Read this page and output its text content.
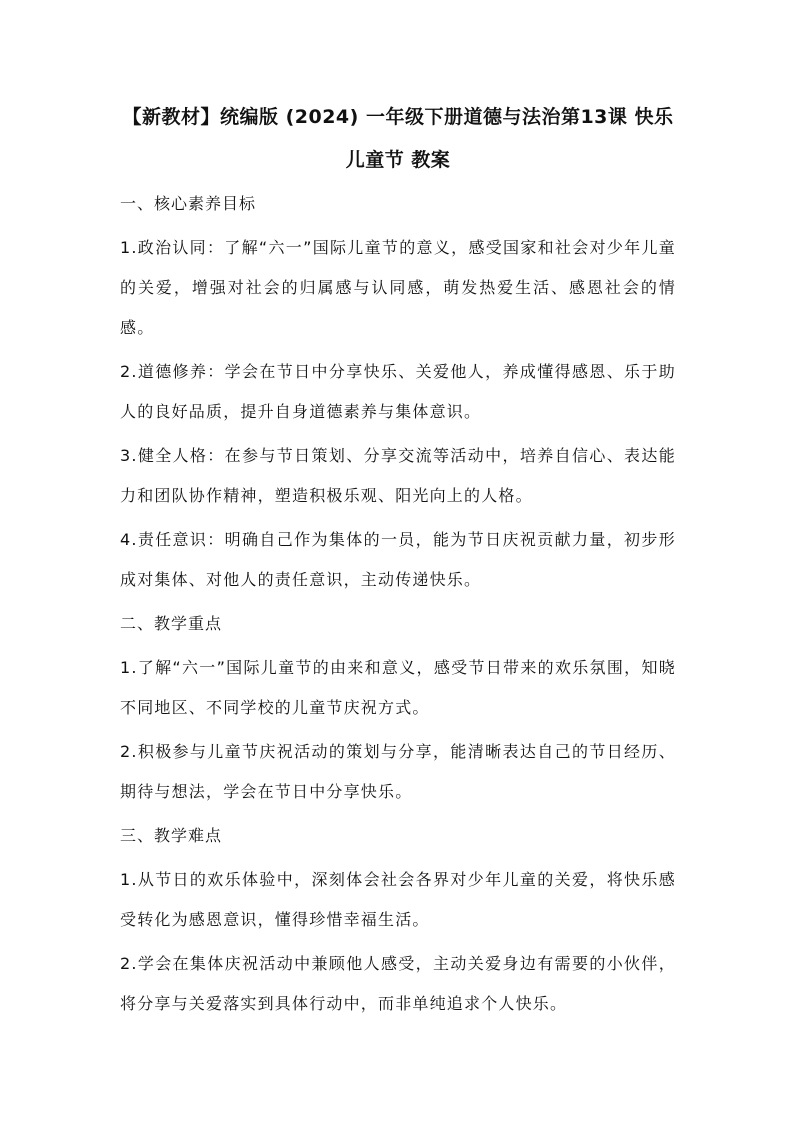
【新教材】统编版 (2024) 一年级下册道德与法治第13课 快乐
儿童节 教案

一、核心素养目标

1.政治认同：了解“六一”国际儿童节的意义，感受国家和社会对少年儿童的关爱，增强对社会的归属感与认同感，萌发热爱生活、感恩社会的情感。

2.道德修养：学会在节日中分享快乐、关爱他人，养成懂得感恩、乐于助人的良好品质，提升自身道德素养与集体意识。

3.健全人格：在参与节日策划、分享交流等活动中，培养自信心、表达能力和团队协作精神，塑造积极乐观、阳光向上的人格。

4.责任意识：明确自己作为集体的一员，能为节日庆祝贡献力量，初步形成对集体、对他人的责任意识，主动传递快乐。

二、教学重点

1.了解“六一”国际儿童节的由来和意义，感受节日带来的欢乐氛围，知晓不同地区、不同学校的儿童节庆祝方式。

2.积极参与儿童节庆祝活动的策划与分享，能清晰表达自己的节日经历、期待与想法，学会在节日中分享快乐。

三、教学难点

1.从节日的欢乐体验中，深刻体会社会各界对少年儿童的关爱，将快乐感受转化为感恩意识，懂得珍惜幸福生活。

2.学会在集体庆祝活动中兼顾他人感受，主动关爱身边有需要的小伙伴，将分享与关爱落实到具体行动中，而非单纯追求个人快乐。
